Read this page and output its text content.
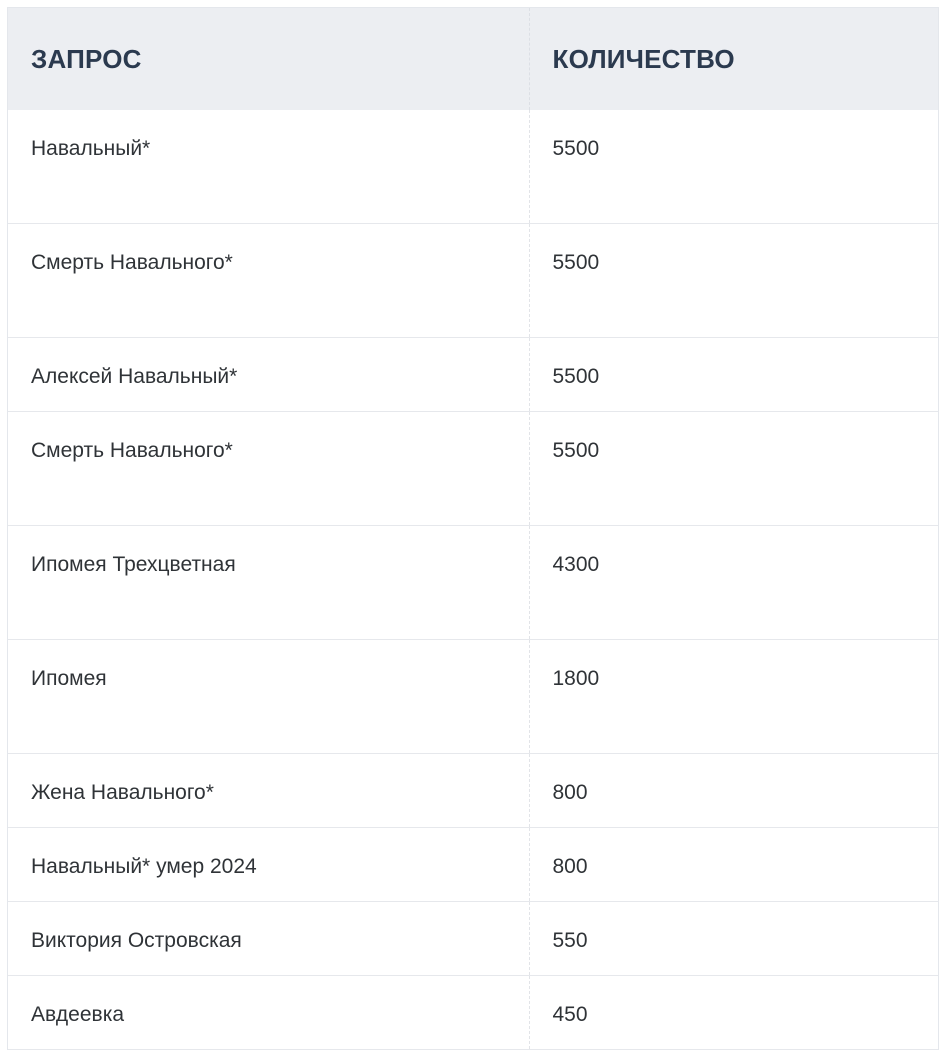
ЗАПРОС	КОЛИЧЕСТВО

Навальный*	5500

Смерть Навального*	5500

Алексей Навальный*	5500

Смерть Навального*	5500

Ипомея Трехцветная	4300

Ипомея	1800

Жена Навального*	800

Навальный* умер 2024	800

Виктория Островская	550

Авдеевка	450
